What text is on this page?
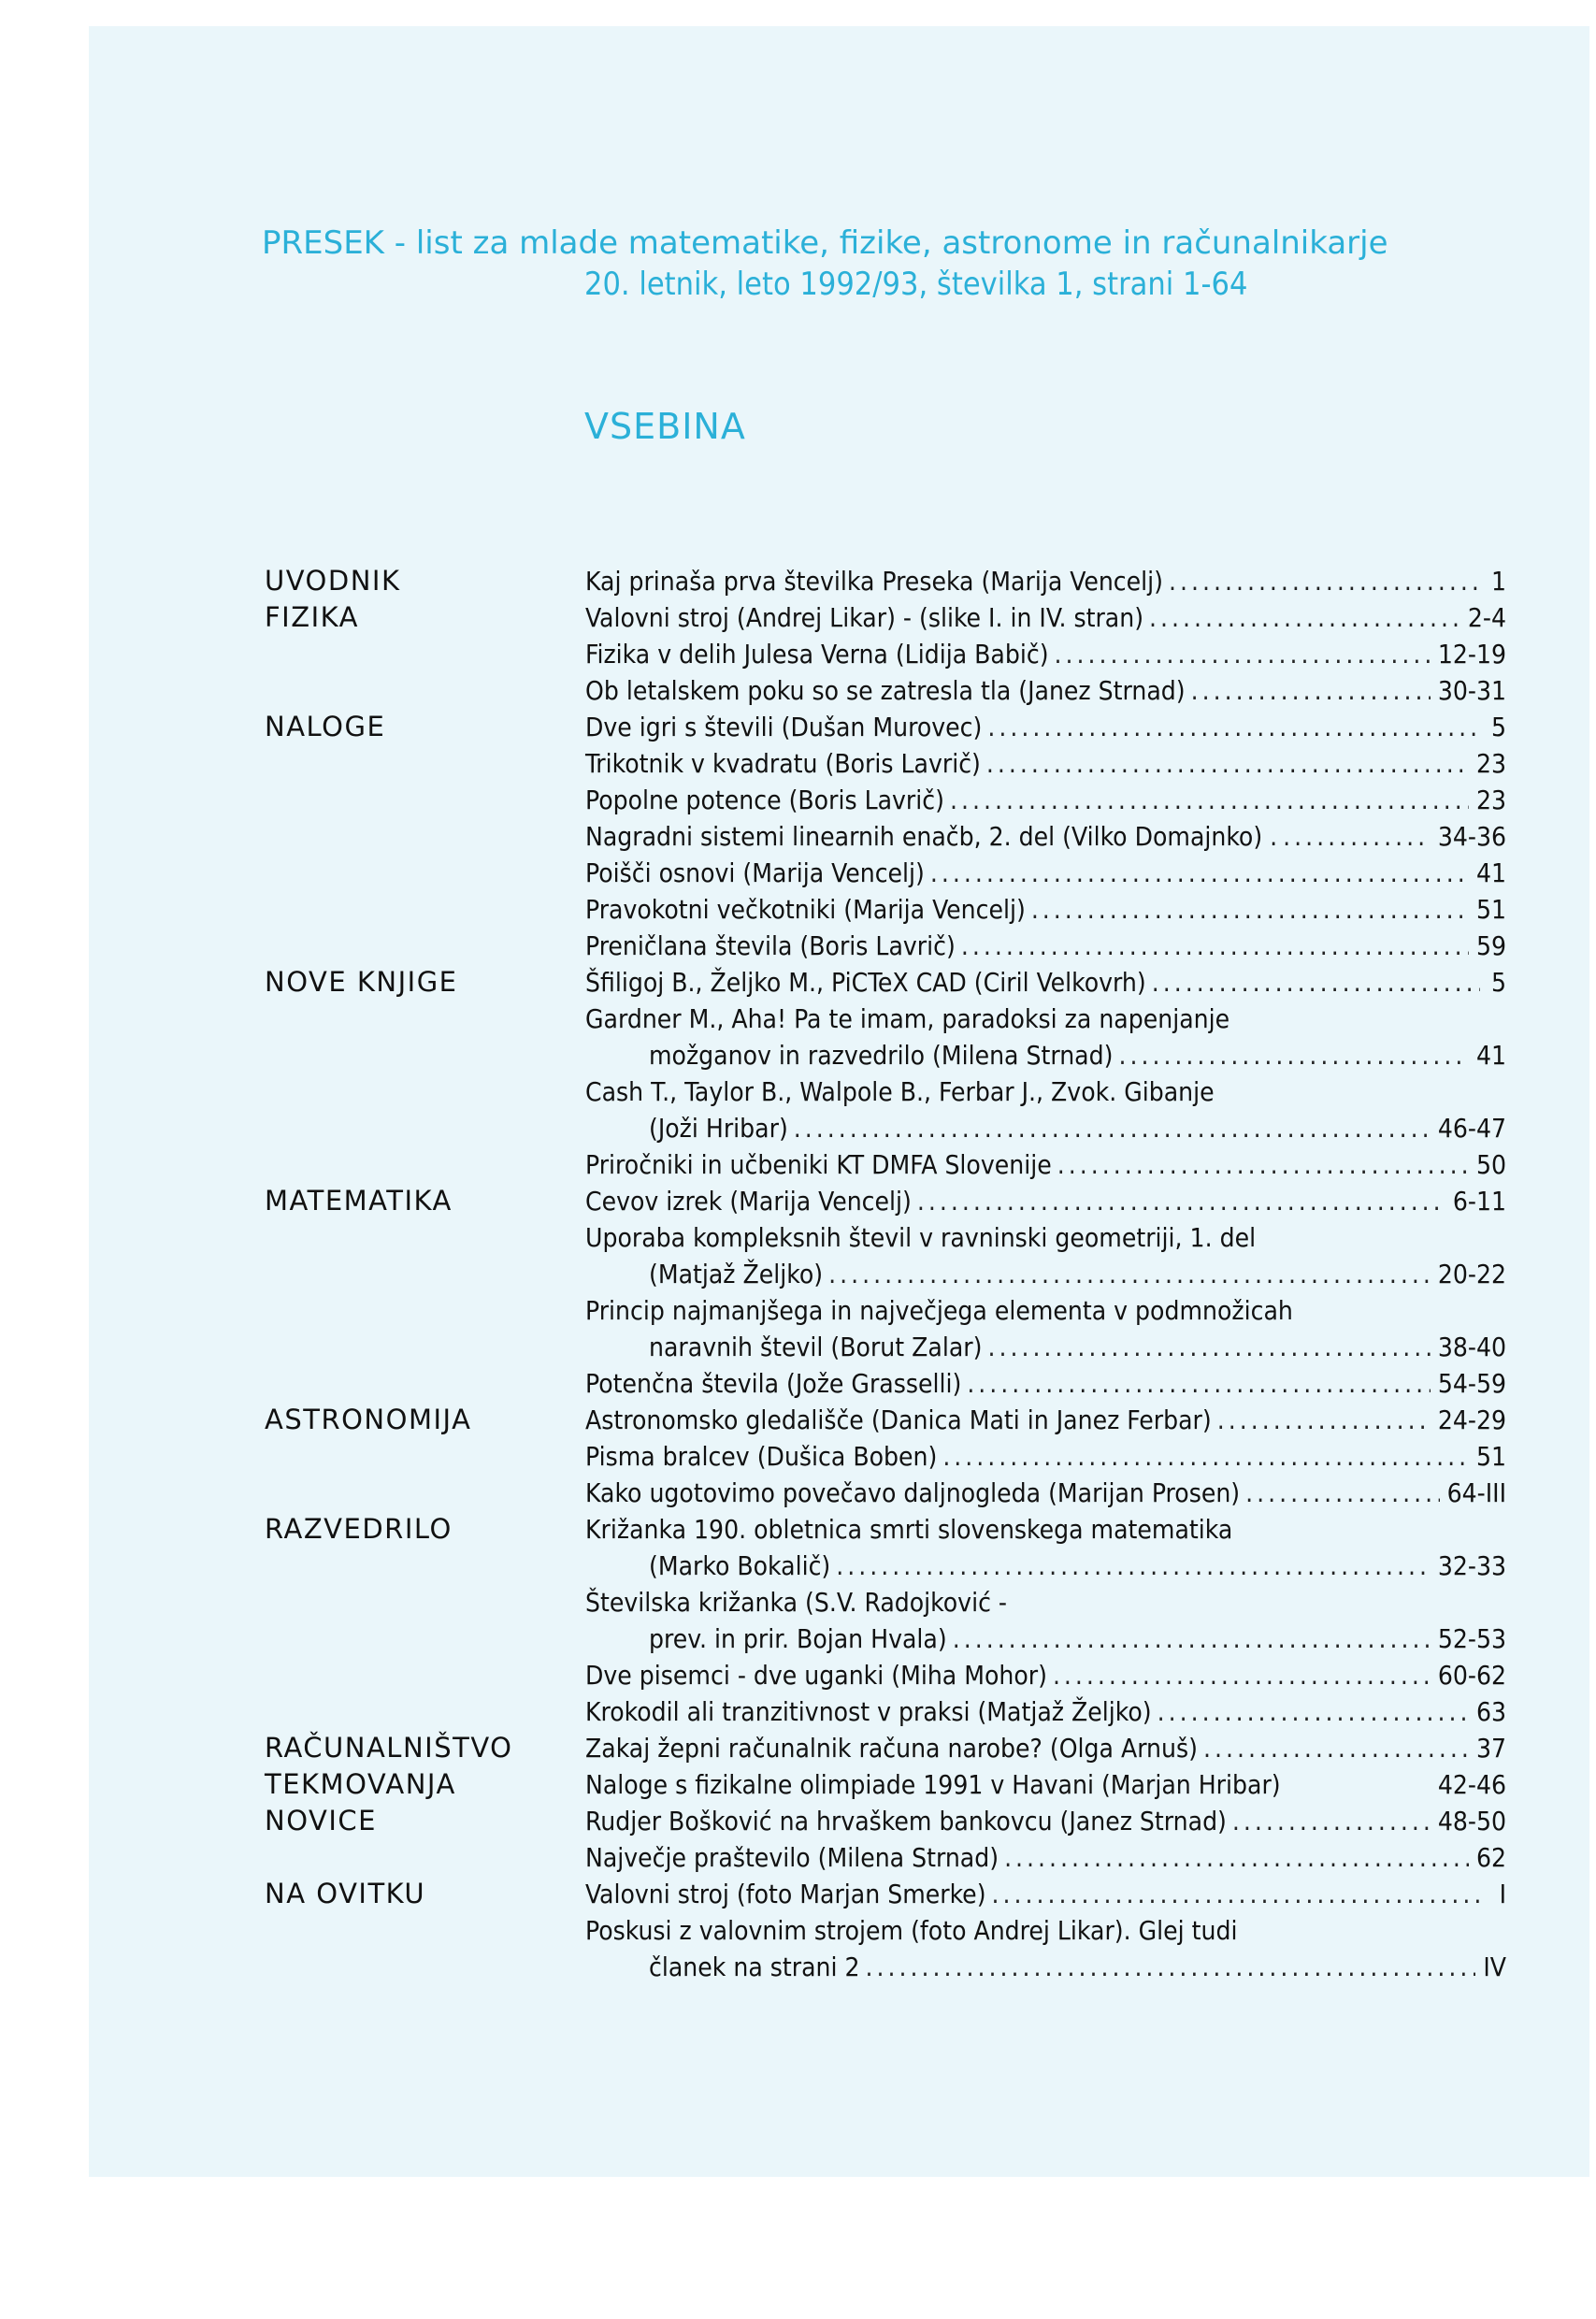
PRESEK - list za mlade matematike, fizike, astronome in računalnikarje
20. letnik, leto 1992/93, številka 1, strani 1-64
VSEBINA
UVODNIK	Kaj prinaša prva številka Preseka (Marija Vencelj) . . .	1
FIZIKA	Valovni stroj (Andrej Likar) - (slike I. in IV. stran) . . .	2-4
Fizika v delih Julesa Verna (Lidija Babič) . . .	12-19
Ob letalskem poku so se zatresla tla (Janez Strnad) . . .	30-31
NALOGE	Dve igri s števili (Dušan Murovec) . . .	5
Trikotnik v kvadratu (Boris Lavrič) . . .	23
Popolne potence (Boris Lavrič) . . .	23
Nagradni sistemi linearnih enačb, 2. del (Vilko Domajnko) . . . .	34-36
Poišči osnovi (Marija Vencelj) . . .	41
Pravokotni večkotniki (Marija Vencelj) . . .	51
Preničlana števila (Boris Lavrič) . . .	59
NOVE KNJIGE	Šfiligoj B., Željko M., PiCTeX CAD (Ciril Velkovrh) . . .	5
Gardner M., Aha! Pa te imam, paradoksi za napenjanje
možganov in razvedrilo (Milena Strnad) . . .	41
Cash T., Taylor B., Walpole B., Ferbar J., Zvok. Gibanje
(Joži Hribar) . . .	46-47
Priročniki in učbeniki KT DMFA Slovenije . . .	50
MATEMATIKA	Cevov izrek (Marija Vencelj) . . .	6-11
Uporaba kompleksnih števil v ravninski geometriji, 1. del
(Matjaž Željko) . . .	20-22
Princip najmanjšega in največjega elementa v podmnožicah
naravnih števil (Borut Zalar) . . .	38-40
Potenčna števila (Jože Grasselli) . . .	54-59
ASTRONOMIJA	Astronomsko gledališče (Danica Mati in Janez Ferbar) . . .	24-29
Pisma bralcev (Dušica Boben) . . .	51
Kako ugotovimo povečavo daljnogleda (Marijan Prosen) . . .	64-III
RAZVEDRILO	Križanka 190. obletnica smrti slovenskega matematika
(Marko Bokalič) . . .	32-33
Številska križanka (S.V. Radojković -
prev. in prir. Bojan Hvala) . . .	52-53
Dve pisemci - dve uganki (Miha Mohor) . . .	60-62
Krokodil ali tranzitivnost v praksi (Matjaž Željko) . . .	63
RAČUNALNIŠTVO	Zakaj žepni računalnik računa narobe? (Olga Arnuš) . . .	37
TEKMOVANJA	Naloge s fizikalne olimpiade 1991 v Havani (Marjan Hribar)	42-46
NOVICE	Rudjer Bošković na hrvaškem bankovcu (Janez Strnad) . . .	48-50
Največje praštevilo (Milena Strnad) . . .	62
NA OVITKU	Valovni stroj (foto Marjan Smerke) . . .	I
Poskusi z valovnim strojem (foto Andrej Likar). Glej tudi
članek na strani 2 . . .	IV
